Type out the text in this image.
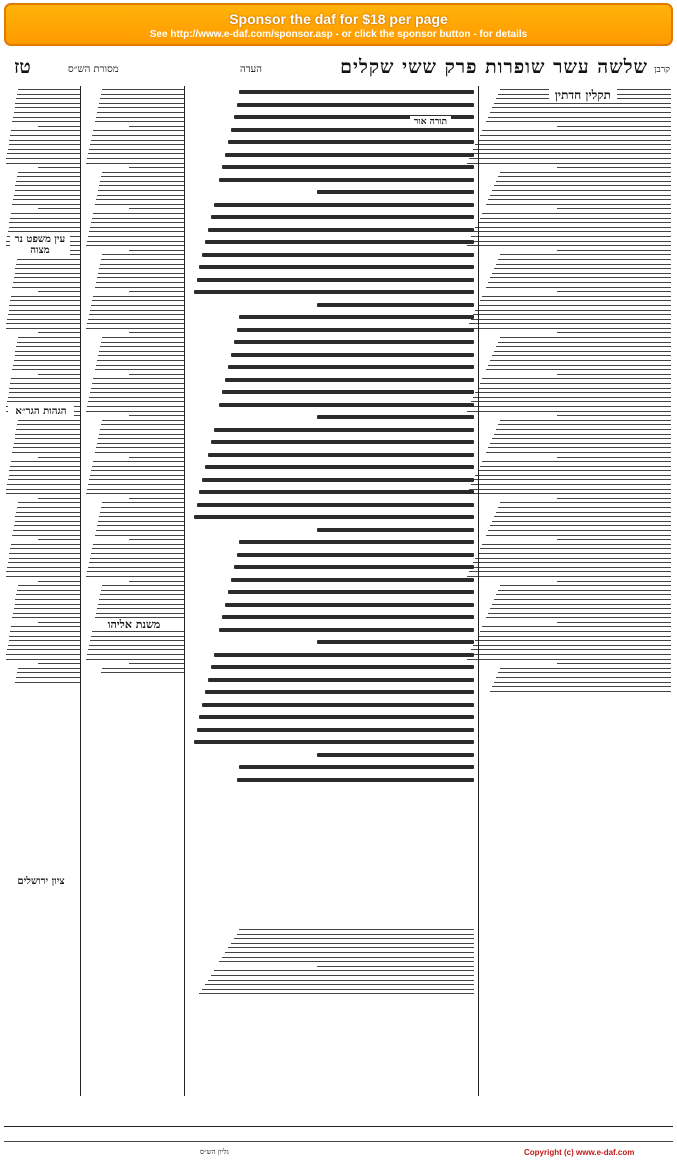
Sponsor the daf for $18 per page
See http://www.e-daf.com/sponsor.asp - or click the sponsor button - for details
קרבן
שלשה עשר שופרות פרק ששי שקלים
העדה
מסורת הש״ס
טז
תקלין חדתין
תורה אור
עין משפט נר מצוה
הגהות הגר״א
ציון ירושלים
משנת אליהו
גליון הש״ס	Copyright (c) www.e-daf.com
